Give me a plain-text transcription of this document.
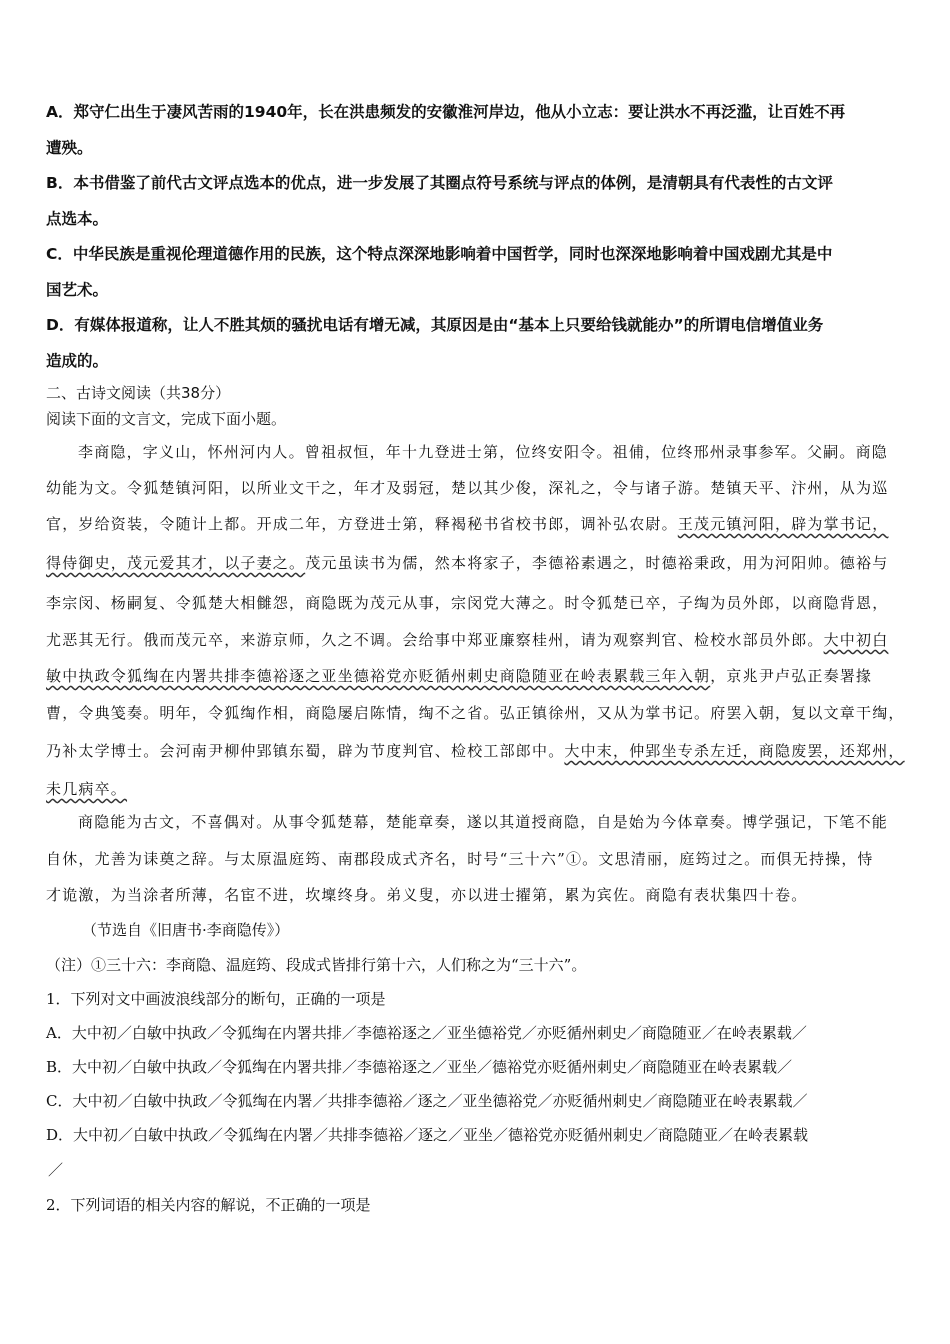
A．郑守仁出生于凄风苦雨的1940年，长在洪患频发的安徽淮河岸边，他从小立志：要让洪水不再泛滥，让百姓不再
遭殃。
B．本书借鉴了前代古文评点选本的优点，进一步发展了其圈点符号系统与评点的体例，是清朝具有代表性的古文评
点选本。
C．中华民族是重视伦理道德作用的民族，这个特点深深地影响着中国哲学，同时也深深地影响着中国戏剧尤其是中
国艺术。
D．有媒体报道称，让人不胜其烦的骚扰电话有增无减，其原因是由“基本上只要给钱就能办”的所谓电信增值业务
造成的。
二、古诗文阅读（共38分）
阅读下面的文言文，完成下面小题。
李商隐，字义山，怀州河内人。曾祖叔恒，年十九登进士第，位终安阳令。祖俌，位终邢州录事参军。父嗣。商隐
幼能为文。令狐楚镇河阳，以所业文干之，年才及弱冠，楚以其少俊，深礼之，令与诸子游。楚镇天平、汴州，从为巡
官，岁给资装，令随计上都。开成二年，方登进士第，释褐秘书省校书郎，调补弘农尉。王茂元镇河阳，辟为掌书记，
得侍御史，茂元爱其才，以子妻之。茂元虽读书为儒，然本将家子，李德裕素遇之，时德裕秉政，用为河阳帅。德裕与
李宗闵、杨嗣复、令狐楚大相雠怨，商隐既为茂元从事，宗闵党大薄之。时令狐楚已卒，子绹为员外郎，以商隐背恩，
尤恶其无行。俄而茂元卒，来游京师，久之不调。会给事中郑亚廉察桂州，请为观察判官、检校水部员外郎。大中初白
敏中执政令狐绹在内署共排李德裕逐之亚坐德裕党亦贬循州刺史商隐随亚在岭表累载三年入朝，京兆尹卢弘正奏署掾
曹，令典笺奏。明年，令狐绹作相，商隐屡启陈情，绹不之省。弘正镇徐州，又从为掌书记。府罢入朝，复以文章干绹，
乃补太学博士。会河南尹柳仲郢镇东蜀，辟为节度判官、检校工部郎中。大中末，仲郢坐专杀左迁，商隐废罢，还郑州，
未几病卒。
商隐能为古文，不喜偶对。从事令狐楚幕，楚能章奏，遂以其道授商隐，自是始为今体章奏。博学强记，下笔不能
自休，尤善为诔奠之辞。与太原温庭筠、南郡段成式齐名，时号“三十六”①。文思清丽，庭筠过之。而俱无持操，恃
才诡激，为当涂者所薄，名宦不进，坎壈终身。弟义叟，亦以进士擢第，累为宾佐。商隐有表状集四十卷。
（节选自《旧唐书·李商隐传》）
（注）①三十六：李商隐、温庭筠、段成式皆排行第十六，人们称之为“三十六”。
1．下列对文中画波浪线部分的断句，正确的一项是
A．大中初／白敏中执政／令狐绹在内署共排／李德裕逐之／亚坐德裕党／亦贬循州刺史／商隐随亚／在岭表累载／
B．大中初／白敏中执政／令狐绹在内署共排／李德裕逐之／亚坐／德裕党亦贬循州刺史／商隐随亚在岭表累载／
C．大中初／白敏中执政／令狐绹在内署／共排李德裕／逐之／亚坐德裕党／亦贬循州刺史／商隐随亚在岭表累载／
D．大中初／白敏中执政／令狐绹在内署／共排李德裕／逐之／亚坐／德裕党亦贬循州刺史／商隐随亚／在岭表累载
／
2．下列词语的相关内容的解说，不正确的一项是
